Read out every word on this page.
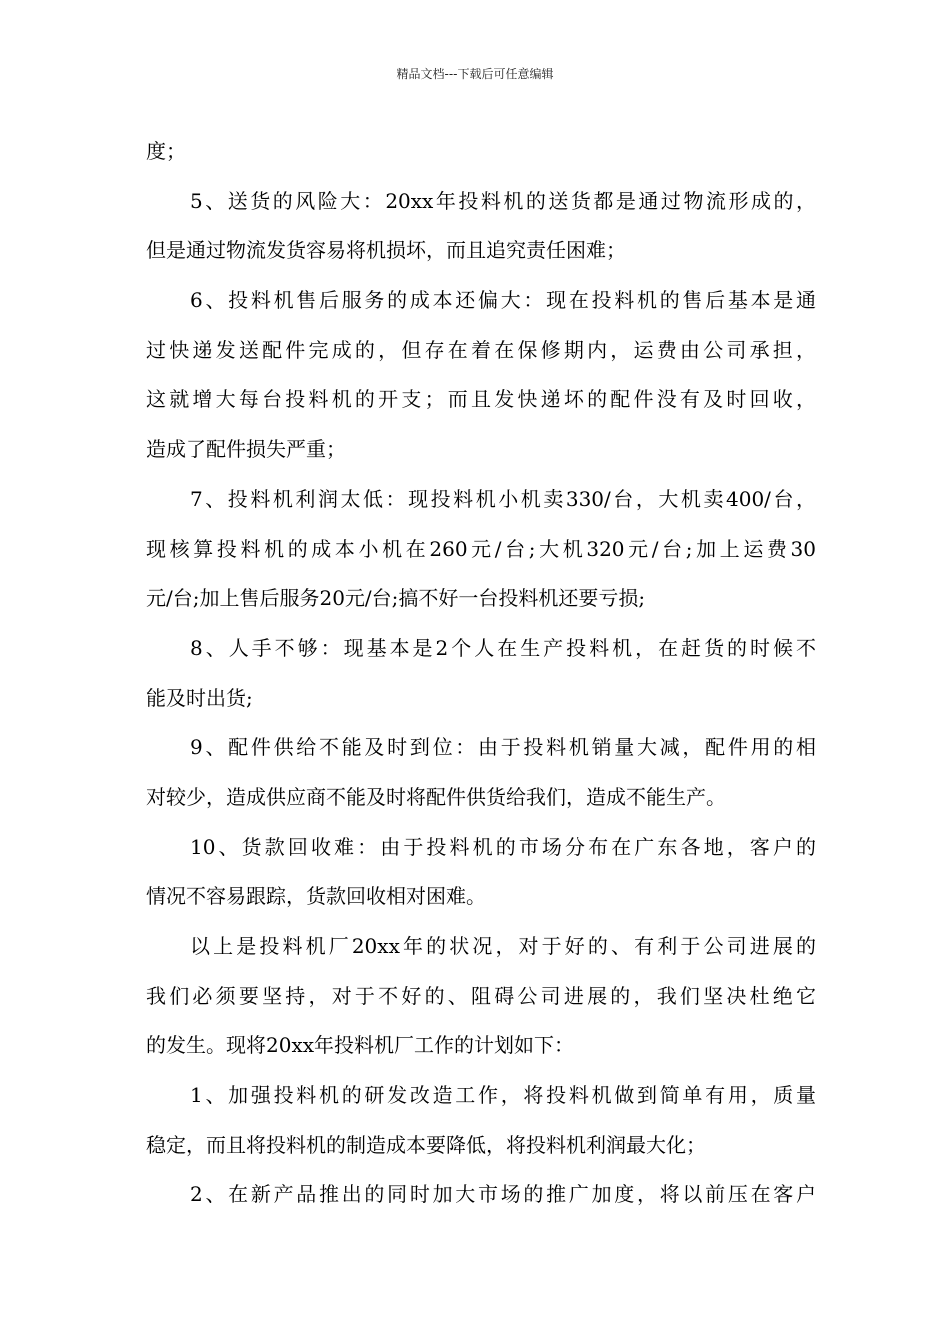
精品文档---下载后可任意编辑
度；
5、送货的风险大：20xx年投料机的送货都是通过物流形成的，
但是通过物流发货容易将机损坏，而且追究责任困难；
6、投料机售后服务的成本还偏大：现在投料机的售后基本是通
过快递发送配件完成的，但存在着在保修期内，运费由公司承担，
这就增大每台投料机的开支；而且发快递坏的配件没有及时回收，
造成了配件损失严重；
7、投料机利润太低：现投料机小机卖330/台，大机卖400/台，
现核算投料机的成本小机在260元/台;大机320元/台;加上运费30
元/台;加上售后服务20元/台;搞不好一台投料机还要亏损;
8、人手不够：现基本是2个人在生产投料机，在赶货的时候不
能及时出货;
9、配件供给不能及时到位：由于投料机销量大减，配件用的相
对较少，造成供应商不能及时将配件供货给我们，造成不能生产。
10、货款回收难：由于投料机的市场分布在广东各地，客户的
情况不容易跟踪，货款回收相对困难。
以上是投料机厂20xx年的状况，对于好的、有利于公司进展的
我们必须要坚持，对于不好的、阻碍公司进展的，我们坚决杜绝它
的发生。现将20xx年投料机厂工作的计划如下：
1、加强投料机的研发改造工作，将投料机做到简单有用，质量
稳定，而且将投料机的制造成本要降低，将投料机利润最大化；
2、在新产品推出的同时加大市场的推广加度，将以前压在客户
